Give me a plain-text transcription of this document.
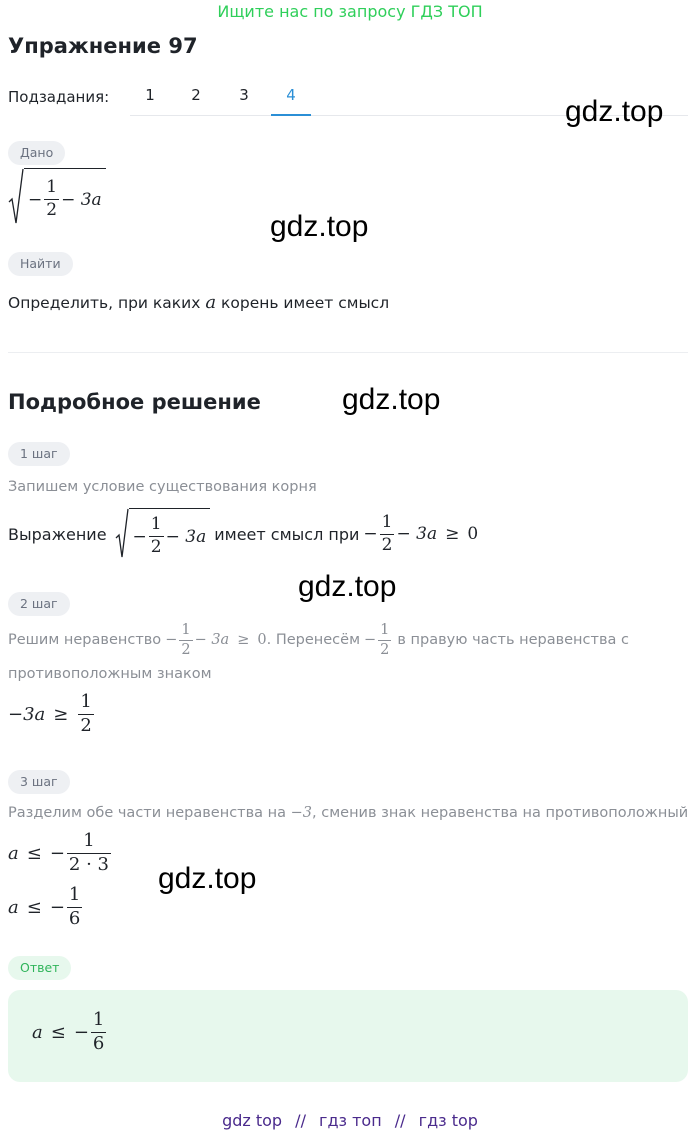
Ищите нас по запросу ГДЗ ТОП
Упражнение 97
Подзадания:	1	2	3	4	gdz.top
gdz.top
gdz.top
gdz.top
gdz.top
Дано
− $\frac{1}{2} - 3a$
Найти
Определить, при каких a корень имеет смысл
Подробное решение
1 шаг
Запишем условие существования корня
Выражение − $\frac{1}{2} - 3a$ имеет смысл при − $\frac{1}{2} - 3a \ge 0$
2 шаг
Решим неравенство − $\frac{1}{2} - 3a \ge 0$ . Перенесём − $\frac{1}{2}$ в правую часть неравенства с
противоположным знаком
$-3a \ge \frac{1}{2}$
3 шаг
Разделим обе части неравенства на −3, сменив знак неравенства на противоположный
a ≤ − $\frac{1}{2 \cdot 3}$
a ≤ − $\frac{1}{6}$
Ответ
a ≤ − $\frac{1}{6}$
gdz top // гдз топ // гдз top
